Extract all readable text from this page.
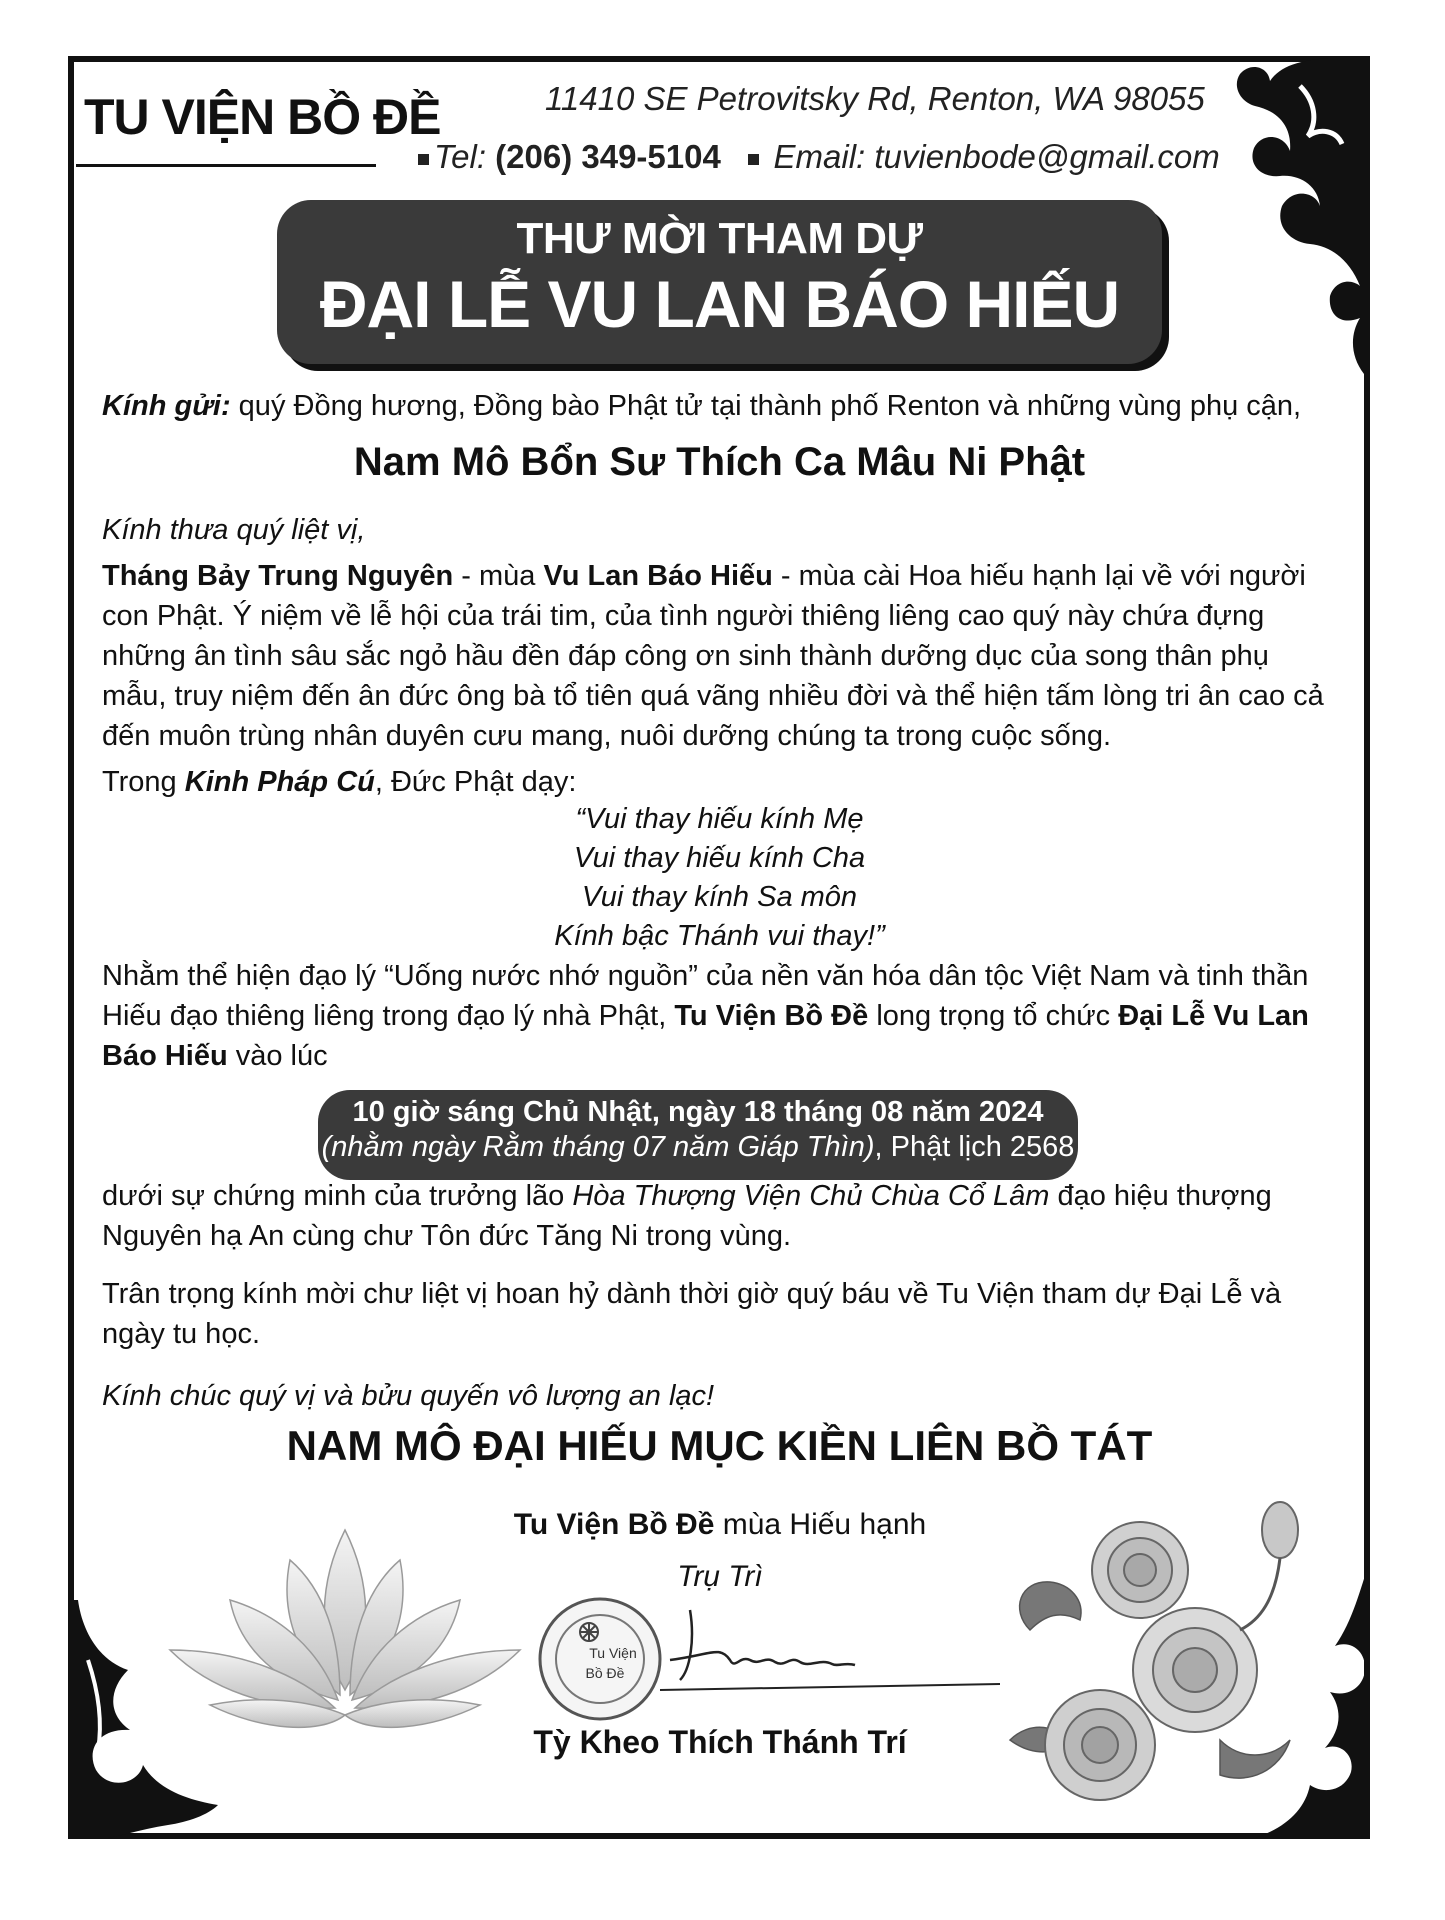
TU VIỆN BỒ ĐỀ	11410 SE Petrovitsky Rd, Renton, WA 98055
Tel: (206) 349-5104 Email: tuvienbode@gmail.com
THƯ MỜI THAM DỰ
ĐẠI LỄ VU LAN BÁO HIẾU
Kính gửi: quý Đồng hương, Đồng bào Phật tử tại thành phố Renton và những vùng phụ cận,
Nam Mô Bổn Sư Thích Ca Mâu Ni Phật
Kính thưa quý liệt vị,
Tháng Bảy Trung Nguyên - mùa Vu Lan Báo Hiếu - mùa cài Hoa hiếu hạnh lại về với người con Phật. Ý niệm về lễ hội của trái tim, của tình người thiêng liêng cao quý này chứa đựng những ân tình sâu sắc ngỏ hầu đền đáp công ơn sinh thành dưỡng dục của song thân phụ mẫu, truy niệm đến ân đức ông bà tổ tiên quá vãng nhiều đời và thể hiện tấm lòng tri ân cao cả đến muôn trùng nhân duyên cưu mang, nuôi dưỡng chúng ta trong cuộc sống.
Trong Kinh Pháp Cú, Đức Phật dạy:
“Vui thay hiếu kính Mẹ
Vui thay hiếu kính Cha
Vui thay kính Sa môn
Kính bậc Thánh vui thay!”
Nhằm thể hiện đạo lý “Uống nước nhớ nguồn” của nền văn hóa dân tộc Việt Nam và tinh thần Hiếu đạo thiêng liêng trong đạo lý nhà Phật, Tu Viện Bồ Đề long trọng tổ chức Đại Lễ Vu Lan Báo Hiếu vào lúc
10 giờ sáng Chủ Nhật, ngày 18 tháng 08 năm 2024
(nhằm ngày Rằm tháng 07 năm Giáp Thìn), Phật lịch 2568
dưới sự chứng minh của trưởng lão Hòa Thượng Viện Chủ Chùa Cổ Lâm đạo hiệu thượng Nguyên hạ An cùng chư Tôn đức Tăng Ni trong vùng.
Trân trọng kính mời chư liệt vị hoan hỷ dành thời giờ quý báu về Tu Viện tham dự Đại Lễ và ngày tu học.
Kính chúc quý vị và bửu quyến vô lượng an lạc!
NAM MÔ ĐẠI HIẾU MỤC KIỀN LIÊN BỒ TÁT
Tu Viện Bồ Đề mùa Hiếu hạnh
Trụ Trì
Tu Viện
Bồ Đề
Tỳ Kheo Thích Thánh Trí
